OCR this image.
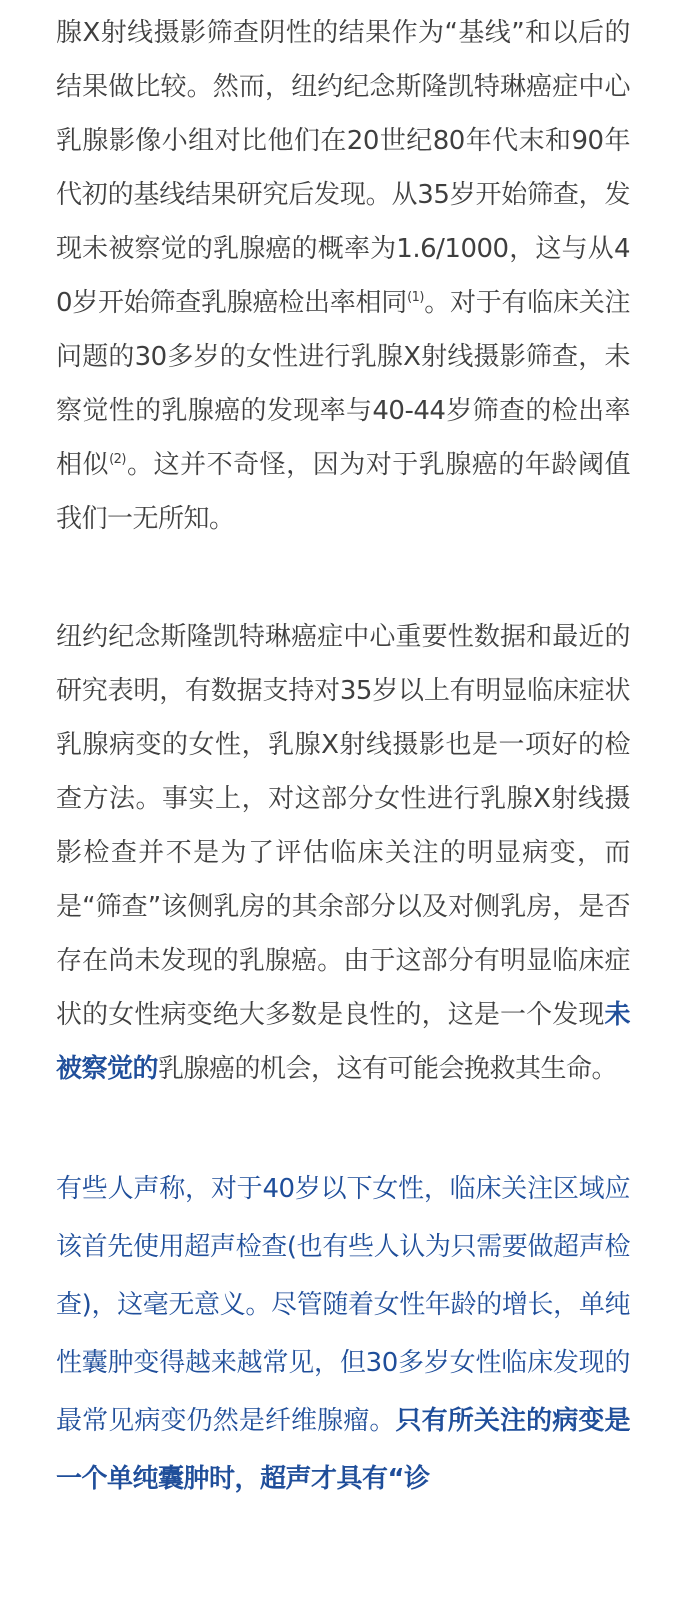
腺X射线摄影筛查阴性的结果作为“基线”和以后的结果做比较。然而，纽约纪念斯隆凯特琳癌症中心乳腺影像小组对比他们在20世纪80年代末和90年代初的基线结果研究后发现。从35岁开始筛查，发现未被察觉的乳腺癌的概率为1.6/1000，这与从40岁开始筛查乳腺癌检出率相同$^{(1)}$。对于有临床关注问题的30多岁的女性进行乳腺X射线摄影筛查，未察觉性的乳腺癌的发现率与40-44岁筛查的检出率相似$^{(2)}$。这并不奇怪，因为对于乳腺癌的年龄阈值我们一无所知。

纽约纪念斯隆凯特琳癌症中心重要性数据和最近的研究表明，有数据支持对35岁以上有明显临床症状乳腺病变的女性，乳腺X射线摄影也是一项好的检查方法。事实上，对这部分女性进行乳腺X射线摄影检查并不是为了评估临床关注的明显病变，而是“筛查”该侧乳房的其余部分以及对侧乳房，是否存在尚未发现的乳腺癌。由于这部分有明显临床症状的女性病变绝大多数是良性的，这是一个发现未被察觉的乳腺癌的机会，这有可能会挽救其生命。

有些人声称，对于40岁以下女性，临床关注区域应该首先使用超声检查(也有些人认为只需要做超声检查)，这毫无意义。尽管随着女性年龄的增长，单纯性囊肿变得越来越常见，但30多岁女性临床发现的最常见病变仍然是纤维腺瘤。只有所关注的病变是一个单纯囊肿时，超声才具有“诊
